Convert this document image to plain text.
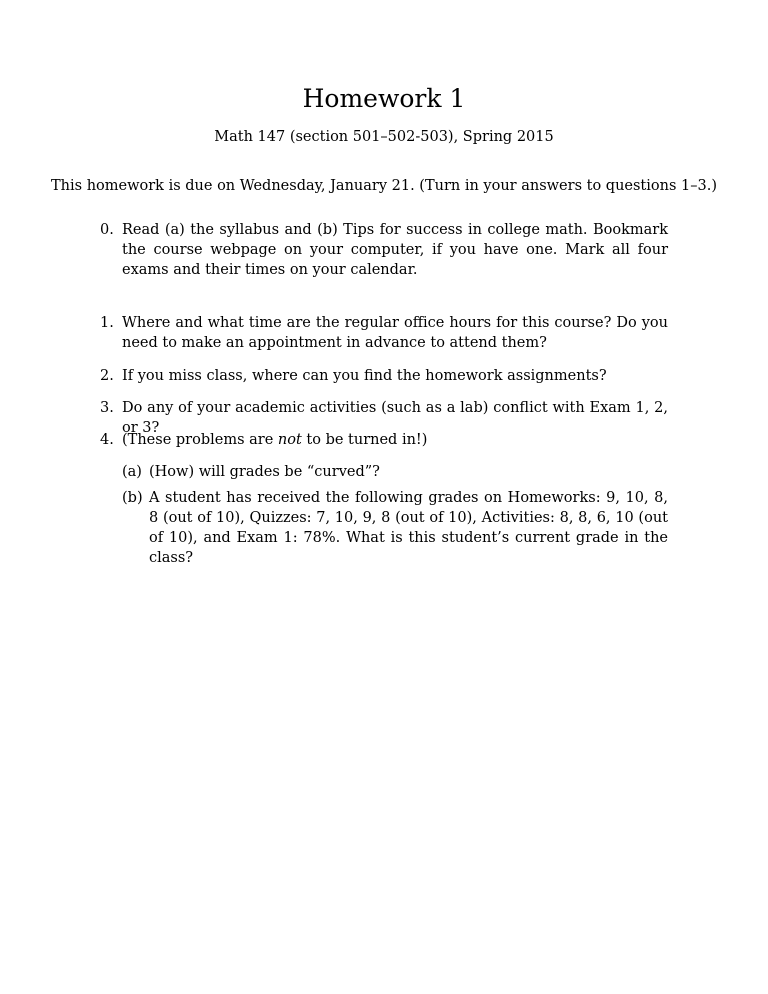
Homework 1

Math 147 (section 501–502-503), Spring 2015

This homework is due on Wednesday, January 21. (Turn in your answers to questions 1–3.)

0. Read (a) the syllabus and (b) Tips for success in college math. Bookmark the course webpage on your computer, if you have one. Mark all four exams and their times on your calendar.
1. Where and what time are the regular office hours for this course? Do you need to make an appointment in advance to attend them?
2. If you miss class, where can you find the homework assignments?
3. Do any of your academic activities (such as a lab) conflict with Exam 1, 2, or 3?
4. (These problems are not to be turned in!)
(a) (How) will grades be “curved”?
(b) A student has received the following grades on Homeworks: 9, 10, 8, 8 (out of 10), Quizzes: 7, 10, 9, 8 (out of 10), Activities: 8, 8, 6, 10 (out of 10), and Exam 1: 78%. What is this student’s current grade in the class?
